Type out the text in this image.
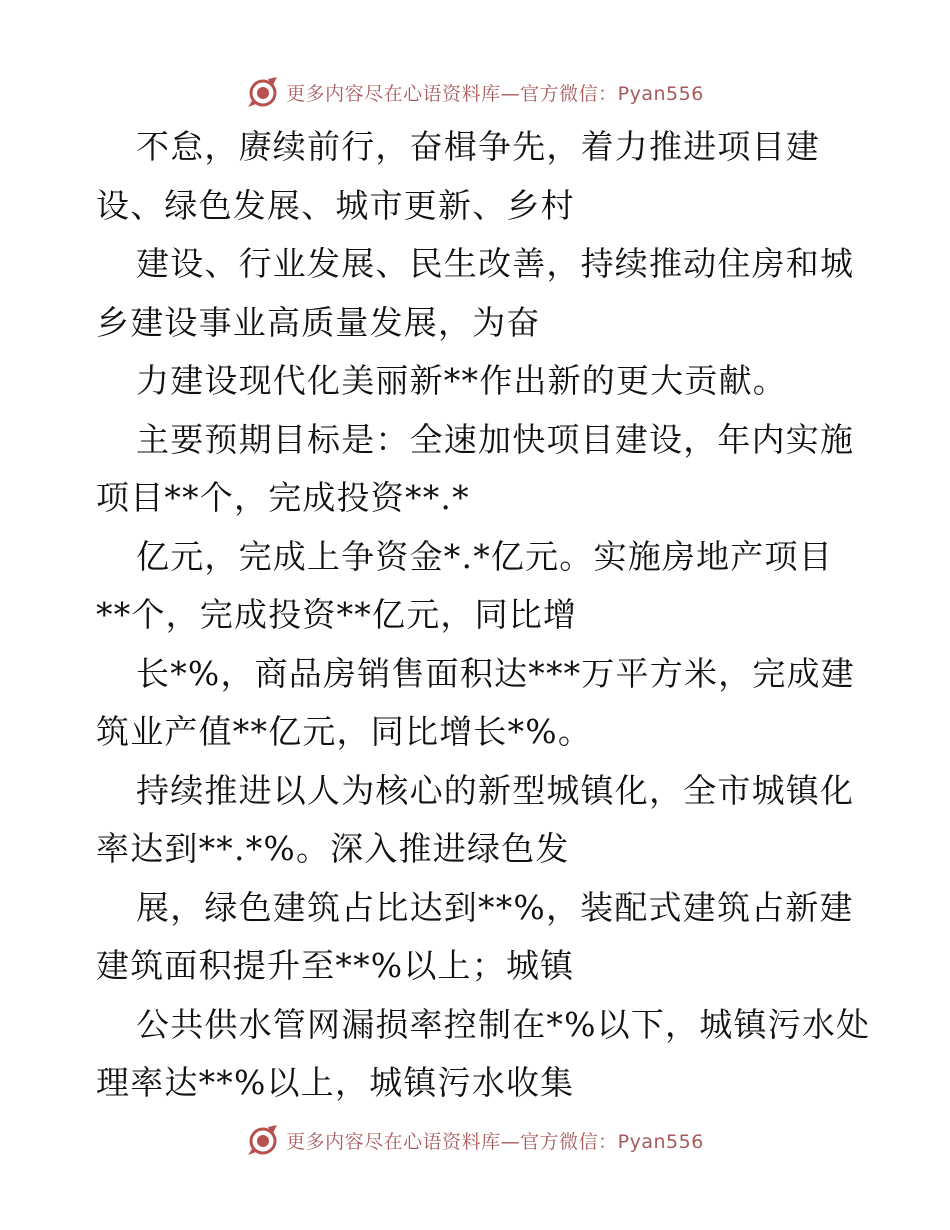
更多内容尽在心语资料库—官方微信：Pyan556
不怠，赓续前行，奋楫争先，着力推进项目建
设、绿色发展、城市更新、乡村
建设、行业发展、民生改善，持续推动住房和城
乡建设事业高质量发展，为奋
力建设现代化美丽新**作出新的更大贡献。
主要预期目标是：全速加快项目建设，年内实施
项目**个，完成投资**.*
亿元，完成上争资金*.*亿元。实施房地产项目
**个，完成投资**亿元，同比增
长*%，商品房销售面积达***万平方米，完成建
筑业产值**亿元，同比增长*%。
持续推进以人为核心的新型城镇化，全市城镇化
率达到**.*%。深入推进绿色发
展，绿色建筑占比达到**%，装配式建筑占新建
建筑面积提升至**%以上；城镇
公共供水管网漏损率控制在*%以下，城镇污水处
理率达**%以上，城镇污水收集
更多内容尽在心语资料库—官方微信：Pyan556
